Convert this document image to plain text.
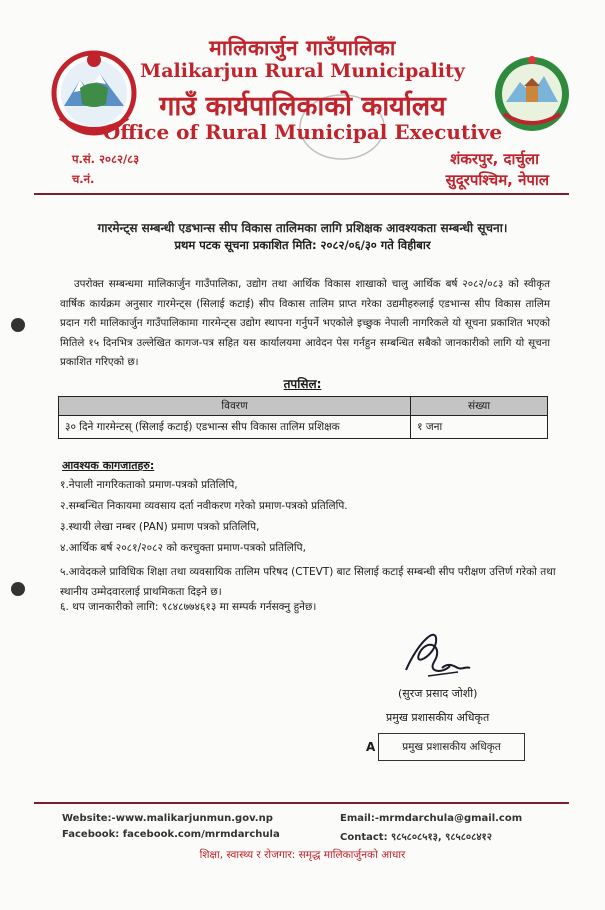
मालिकार्जुन गाउँपालिका
Malikarjun Rural Municipality
गाउँ कार्यपालिकाको कार्यालय
Office of Rural Municipal Executive
प.सं. २०८२/८३
च.नं.
शंकरपुर, दार्चुला
सुदूरपश्चिम, नेपाल
गारमेन्ट्स सम्बन्धी एडभान्स सीप विकास तालिमका लागि प्रशिक्षक आवश्यकता सम्बन्धी सूचना।
प्रथम पटक सूचना प्रकाशित मिति: २०८२/०६/३० गते विहीबार

उपरोक्त सम्बन्धमा मालिकार्जुन गाउँपालिका, उद्योग तथा आर्थिक विकास शाखाको चालु आर्थिक बर्ष २०८२/०८३ को स्वीकृत वार्षिक कार्यक्रम अनुसार गारमेन्ट्स (सिलाई कटाई) सीप विकास तालिम प्राप्त गरेका उद्यमीहरुलाई एडभान्स सीप विकास तालिम प्रदान गरी मालिकार्जुन गाउँपालिकामा गारमेन्ट्स उद्योग स्थापना गर्नुपर्ने भएकोले इच्छुक नेपाली नागरिकले यो सूचना प्रकाशित भएको मितिले १५ दिनभित्र उल्लेखित कागज-पत्र सहित यस कार्यालयमा आवेदन पेस गर्नहुन सम्बन्धित सबैको जानकारीको लागि यो सूचना प्रकाशित गरिएको छ।

तपसिल:
विवरण	संख्या
३० दिने गारमेन्टस् (सिलाई कटाई) एडभान्स सीप विकास तालिम प्रशिक्षक	१ जना
आवश्यक कागजातहरु:
१.नेपाली नागरिकताको प्रमाण-पत्रको प्रतिलिपि,
२.सम्बन्धित निकायमा व्यवसाय दर्ता नवीकरण गरेको प्रमाण-पत्रको प्रतिलिपि.
३.स्थायी लेखा नम्बर (PAN) प्रमाण पत्रको प्रतिलिपि,
४.आर्थिक बर्ष २०८१/२०८२ को करचुक्ता प्रमाण-पत्रको प्रतिलिपि,
५.आवेदकले प्राविधिक शिक्षा तथा व्यवसायिक तालिम परिषद (CTEVT) बाट सिलाई कटाई सम्बन्धी सीप परीक्षण उत्तिर्ण गरेको तथा स्थानीय उम्मेदवारलाई प्राथमिकता दिइने छ।
६. थप जानकारीको लागि: ९८४८७७४६१३ मा सम्पर्क गर्नसक्नु हुनेछ।
(सुरज प्रसाद जोशी)
प्रमुख प्रशासकीय अधिकृत
A	प्रमुख प्रशासकीय अधिकृत
Website:-www.malikarjunmun.gov.np	Email:-mrmdarchula@gmail.com
Facebook: facebook.com/mrmdarchula	Contact: ९८५८०८५१३, ९८५८०८४१२
शिक्षा, स्वास्थ्य र रोजगार: समृद्ध मालिकार्जुनको आधार
